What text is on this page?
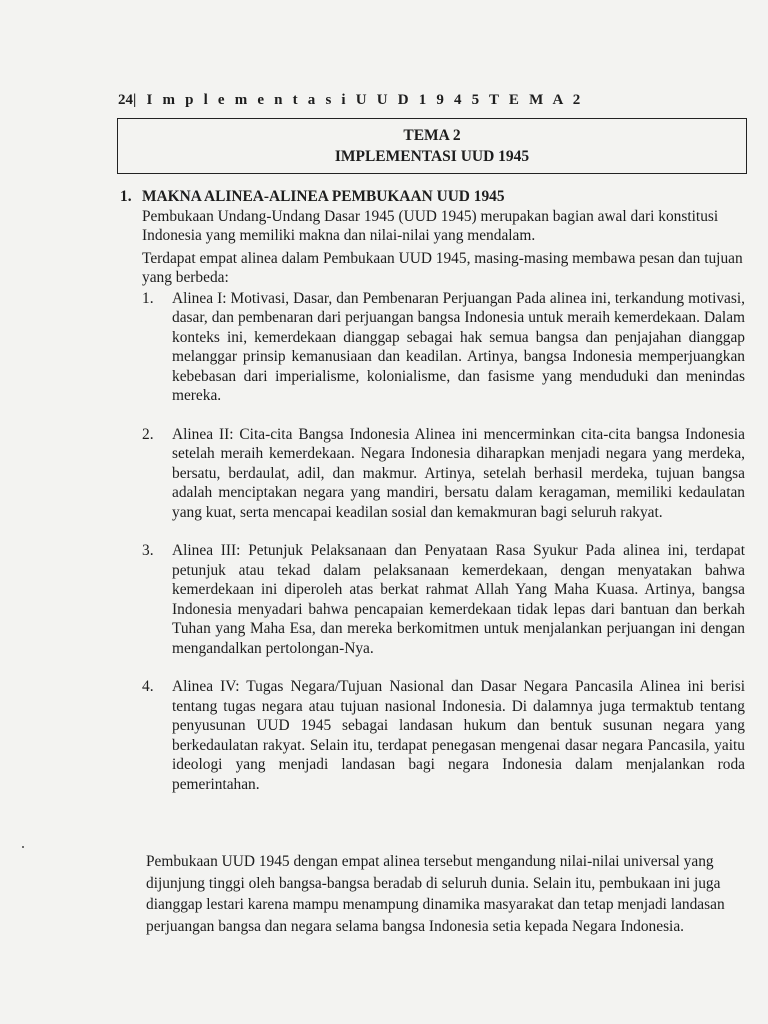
24| I m p l e m e n t a s i U U D 1 9 4 5 T E M A 2
TEMA 2
IMPLEMENTASI UUD 1945
1. MAKNA ALINEA-ALINEA PEMBUKAAN UUD 1945

Pembukaan Undang-Undang Dasar 1945 (UUD 1945) merupakan bagian awal dari konstitusi Indonesia yang memiliki makna dan nilai-nilai yang mendalam.

Terdapat empat alinea dalam Pembukaan UUD 1945, masing-masing membawa pesan dan tujuan yang berbeda:

1.	Alinea I: Motivasi, Dasar, dan Pembenaran Perjuangan Pada alinea ini, terkandung motivasi, dasar, dan pembenaran dari perjuangan bangsa Indonesia untuk meraih kemerdekaan. Dalam konteks ini, kemerdekaan dianggap sebagai hak semua bangsa dan penjajahan dianggap melanggar prinsip kemanusiaan dan keadilan. Artinya, bangsa Indonesia memperjuangkan kebebasan dari imperialisme, kolonialisme, dan fasisme yang menduduki dan menindas mereka.
2.	Alinea II: Cita-cita Bangsa Indonesia Alinea ini mencerminkan cita-cita bangsa Indonesia setelah meraih kemerdekaan. Negara Indonesia diharapkan menjadi negara yang merdeka, bersatu, berdaulat, adil, dan makmur. Artinya, setelah berhasil merdeka, tujuan bangsa adalah menciptakan negara yang mandiri, bersatu dalam keragaman, memiliki kedaulatan yang kuat, serta mencapai keadilan sosial dan kemakmuran bagi seluruh rakyat.
3.	Alinea III: Petunjuk Pelaksanaan dan Penyataan Rasa Syukur Pada alinea ini, terdapat petunjuk atau tekad dalam pelaksanaan kemerdekaan, dengan menyatakan bahwa kemerdekaan ini diperoleh atas berkat rahmat Allah Yang Maha Kuasa. Artinya, bangsa Indonesia menyadari bahwa pencapaian kemerdekaan tidak lepas dari bantuan dan berkah Tuhan yang Maha Esa, dan mereka berkomitmen untuk menjalankan perjuangan ini dengan mengandalkan pertolongan-Nya.
4.	Alinea IV: Tugas Negara/Tujuan Nasional dan Dasar Negara Pancasila Alinea ini berisi tentang tugas negara atau tujuan nasional Indonesia. Di dalamnya juga termaktub tentang penyusunan UUD 1945 sebagai landasan hukum dan bentuk susunan negara yang berkedaulatan rakyat. Selain itu, terdapat penegasan mengenai dasar negara Pancasila, yaitu ideologi yang menjadi landasan bagi negara Indonesia dalam menjalankan roda pemerintahan.

Pembukaan UUD 1945 dengan empat alinea tersebut mengandung nilai-nilai universal yang dijunjung tinggi oleh bangsa-bangsa beradab di seluruh dunia. Selain itu, pembukaan ini juga dianggap lestari karena mampu menampung dinamika masyarakat dan tetap menjadi landasan perjuangan bangsa dan negara selama bangsa Indonesia setia kepada Negara Indonesia.
